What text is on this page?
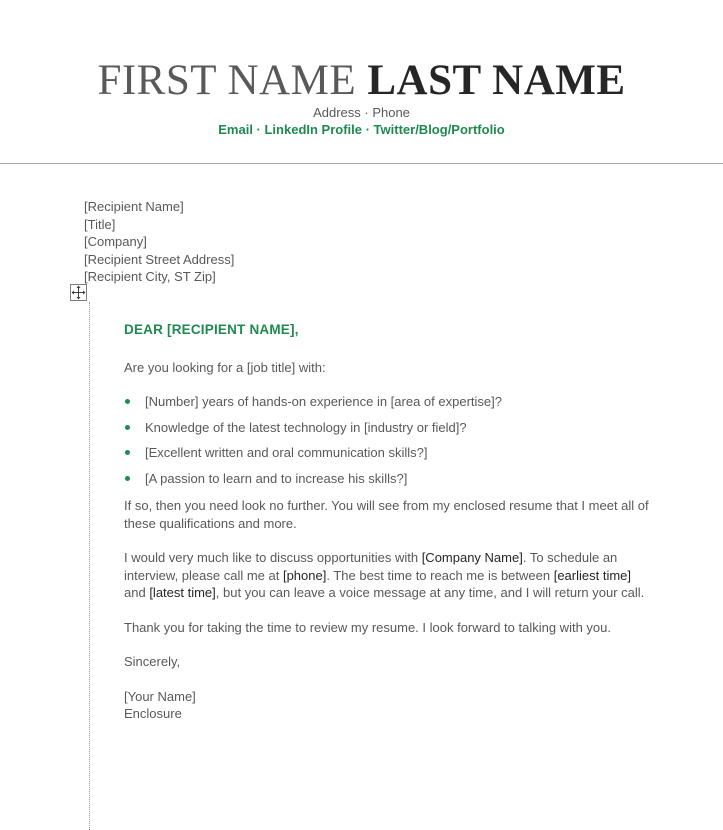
FIRST NAME LAST NAME
Address · Phone
Email · LinkedIn Profile · Twitter/Blog/Portfolio
[Recipient Name]
[Title]
[Company]
[Recipient Street Address]
[Recipient City, ST Zip]
DEAR [RECIPIENT NAME],
Are you looking for a [job title] with:
[Number] years of hands-on experience in [area of expertise]?
Knowledge of the latest technology in [industry or field]?
[Excellent written and oral communication skills?]
[A passion to learn and to increase his skills?]
If so, then you need look no further. You will see from my enclosed resume that I meet all of these qualifications and more.
I would very much like to discuss opportunities with [Company Name]. To schedule an interview, please call me at [phone]. The best time to reach me is between [earliest time] and [latest time], but you can leave a voice message at any time, and I will return your call.
Thank you for taking the time to review my resume. I look forward to talking with you.
Sincerely,
[Your Name]
Enclosure
